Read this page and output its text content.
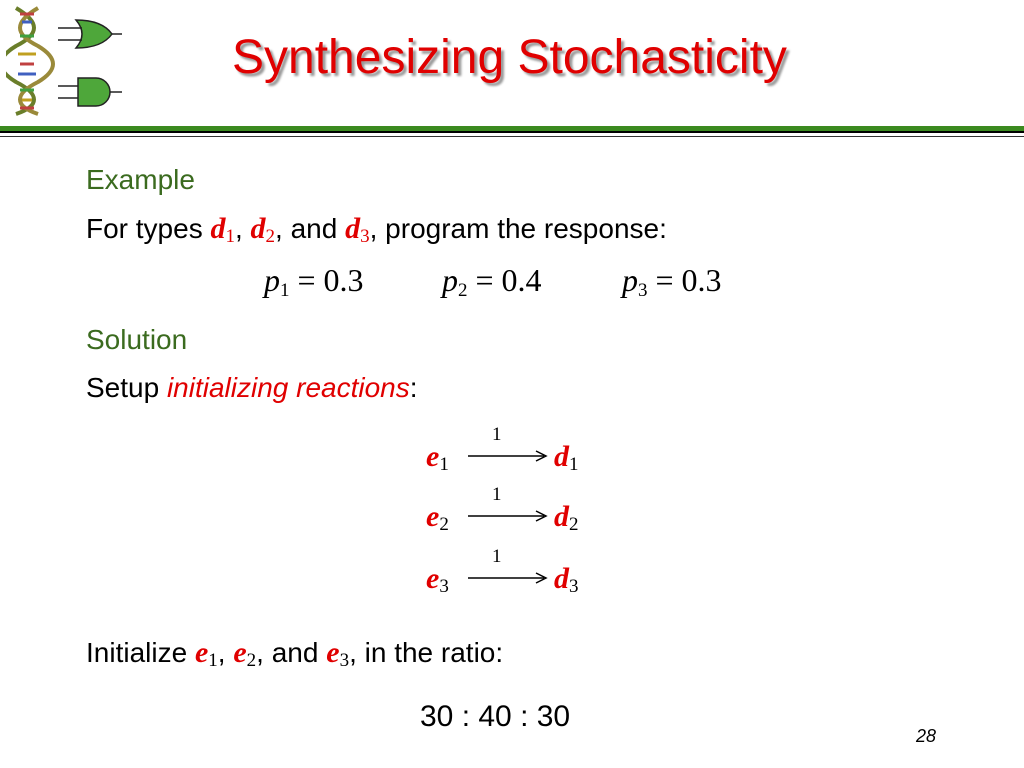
Synthesizing Stochasticity
Example
For types d1, d2, and d3, program the response:
p1 = 0.3 p2 = 0.4	p3 = 0.3
Solution
Setup initializing reactions:
e1
1
d1
e2
1
d2
e3
1
d3
Initialize $e_1$, $e_2$, and $e_3$, in the ratio:
30 : 40 : 30
28
